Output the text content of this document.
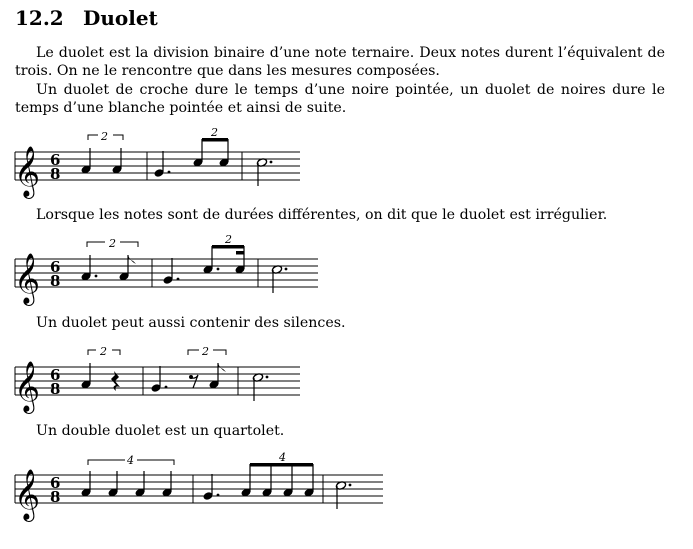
12.2 Duolet

Le duolet est la division binaire d’une note ternaire. Deux notes durent l’équivalent de trois. On ne le rencontre que dans les mesures composées.

Un duolet de croche dure le temps d’une noire pointée, un duolet de noires dure le temps d’une blanche pointée et ainsi de suite.

𝄞 6
8
2	2
Lorsque les notes sont de durées différentes, on dit que le duolet est irrégulier.
𝄞 6
8
2	2
Un duolet peut aussi contenir des silences.
𝄞 6
8
2	2
Un double duolet est un quartolet.
𝄞 6
8
4	4
